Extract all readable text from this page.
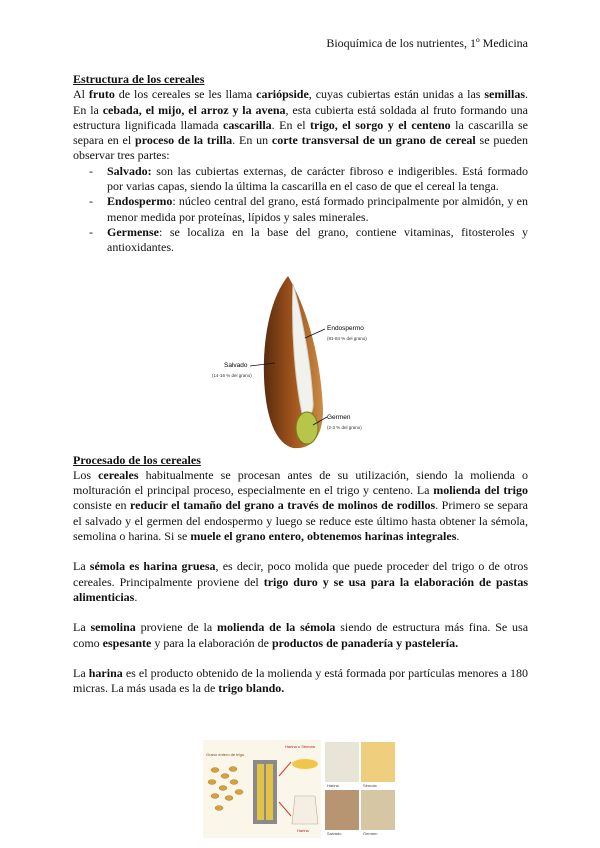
Bioquímica de los nutrientes, 1º Medicina
Estructura de los cereales

Al fruto de los cereales se les llama cariópside, cuyas cubiertas están unidas a las semillas. En la cebada, el mijo, el arroz y la avena, esta cubierta está soldada al fruto formando una estructura lignificada llamada cascarilla. En el trigo, el sorgo y el centeno la cascarilla se separa en el proceso de la trilla. En un corte transversal de un grano de cereal se pueden observar tres partes:

- Salvado: son las cubiertas externas, de carácter fibroso e indigeribles. Está formado por varias capas, siendo la última la cascarilla en el caso de que el cereal la tenga.
- Endospermo: núcleo central del grano, está formado principalmente por almidón, y en menor medida por proteínas, lípidos y sales minerales.
- Germense: se localiza en la base del grano, contiene vitaminas, fitosteroles y antioxidantes.
Procesado de los cereales

Los cereales habitualmente se procesan antes de su utilización, siendo la molienda o molturación el principal proceso, especialmente en el trigo y centeno. La molienda del trigo consiste en reducir el tamaño del grano a través de molinos de rodillos. Primero se separa el salvado y el germen del endospermo y luego se reduce este último hasta obtener la sémola, semolina o harina. Si se muele el grano entero, obtenemos harinas integrales.

La sémola es harina gruesa, es decir, poco molida que puede proceder del trigo o de otros cereales. Principalmente proviene del trigo duro y se usa para la elaboración de pastas alimenticias.

La semolina proviene de la molienda de la sémola siendo de estructura más fina. Se usa como espesante y para la elaboración de productos de panadería y pastelería.

La harina es el producto obtenido de la molienda y está formada por partículas menores a 180 micras. La más usada es la de trigo blando.

Endospermo
(81-84 % del grano)
Salvado
(14-16 % del grano)
Germen
(2-3 % del grano)
Grano entero de trigo
Harina o Sémola
Harina
Harina	Sémola
Salvado	Germen
